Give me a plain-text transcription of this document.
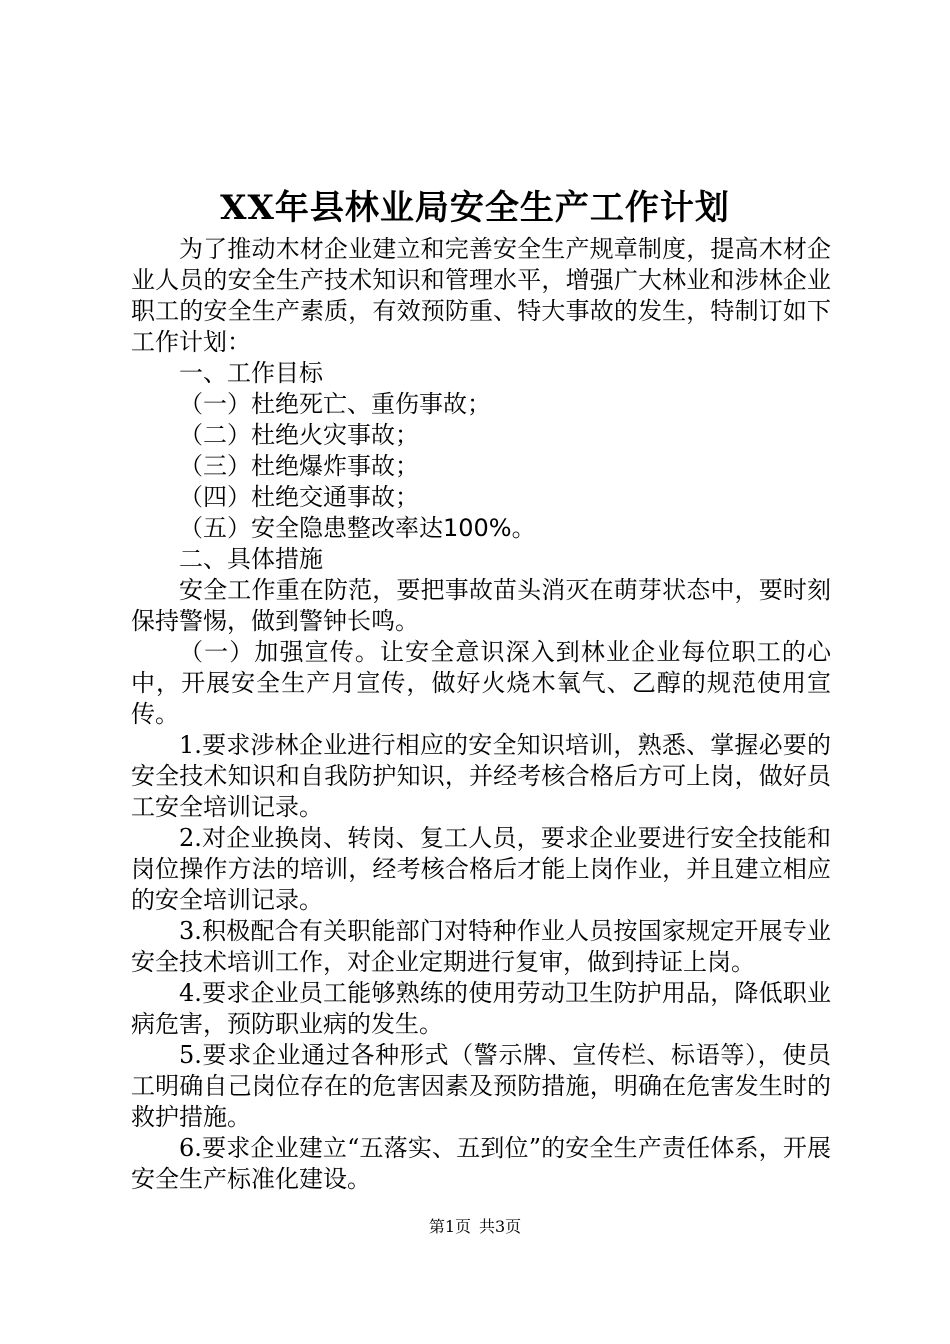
XX年县林业局安全生产工作计划

为了推动木材企业建立和完善安全生产规章制度，提高木材企业人员的安全生产技术知识和管理水平，增强广大林业和涉林企业职工的安全生产素质，有效预防重、特大事故的发生，特制订如下工作计划：

一、工作目标

（一）杜绝死亡、重伤事故；

（二）杜绝火灾事故；

（三）杜绝爆炸事故；

（四）杜绝交通事故；

（五）安全隐患整改率达100%。

二、具体措施

安全工作重在防范，要把事故苗头消灭在萌芽状态中，要时刻保持警惕，做到警钟长鸣。

（一）加强宣传。让安全意识深入到林业企业每位职工的心中，开展安全生产月宣传，做好火烧木氧气、乙醇的规范使用宣传。

1.要求涉林企业进行相应的安全知识培训，熟悉、掌握必要的安全技术知识和自我防护知识，并经考核合格后方可上岗，做好员工安全培训记录。

2.对企业换岗、转岗、复工人员，要求企业要进行安全技能和岗位操作方法的培训，经考核合格后才能上岗作业，并且建立相应的安全培训记录。

3.积极配合有关职能部门对特种作业人员按国家规定开展专业安全技术培训工作，对企业定期进行复审，做到持证上岗。

4.要求企业员工能够熟练的使用劳动卫生防护用品，降低职业病危害，预防职业病的发生。

5.要求企业通过各种形式（警示牌、宣传栏、标语等），使员工明确自己岗位存在的危害因素及预防措施，明确在危害发生时的救护措施。

6.要求企业建立“五落实、五到位”的安全生产责任体系，开展安全生产标准化建设。

第1页 共3页
